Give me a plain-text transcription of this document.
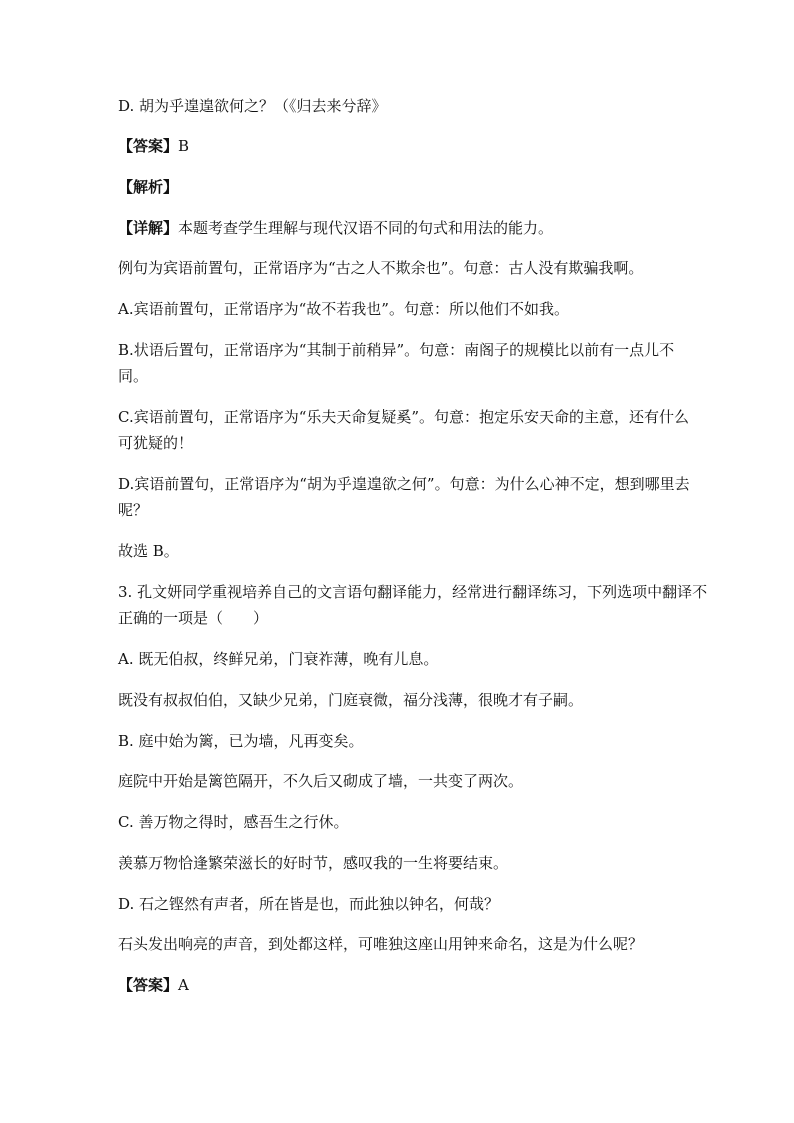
D. 胡为乎遑遑欲何之？（《归去来兮辞》
【答案】B
【解析】
【详解】本题考查学生理解与现代汉语不同的句式和用法的能力。
例句为宾语前置句，正常语序为“古之人不欺余也”。句意：古人没有欺骗我啊。
A.宾语前置句，正常语序为“故不若我也”。句意：所以他们不如我。
B.状语后置句，正常语序为“其制于前稍异”。句意：南阁子的规模比以前有一点儿不
同。
C.宾语前置句，正常语序为“乐夫天命复疑奚”。句意：抱定乐安天命的主意，还有什么
可犹疑的！
D.宾语前置句，正常语序为“胡为乎遑遑欲之何”。句意：为什么心神不定，想到哪里去
呢？
故选 B。
3. 孔文妍同学重视培养自己的文言语句翻译能力，经常进行翻译练习，下列选项中翻译不
正确的一项是（　　）
A. 既无伯叔，终鲜兄弟，门衰祚薄，晚有儿息。
既没有叔叔伯伯，又缺少兄弟，门庭衰微，福分浅薄，很晚才有子嗣。
B. 庭中始为篱，已为墙，凡再变矣。
庭院中开始是篱笆隔开，不久后又砌成了墙，一共变了两次。
C. 善万物之得时，感吾生之行休。
羡慕万物恰逢繁荣滋长的好时节，感叹我的一生将要结束。
D. 石之铿然有声者，所在皆是也，而此独以钟名，何哉？
石头发出响亮的声音，到处都这样，可唯独这座山用钟来命名，这是为什么呢？
【答案】A
